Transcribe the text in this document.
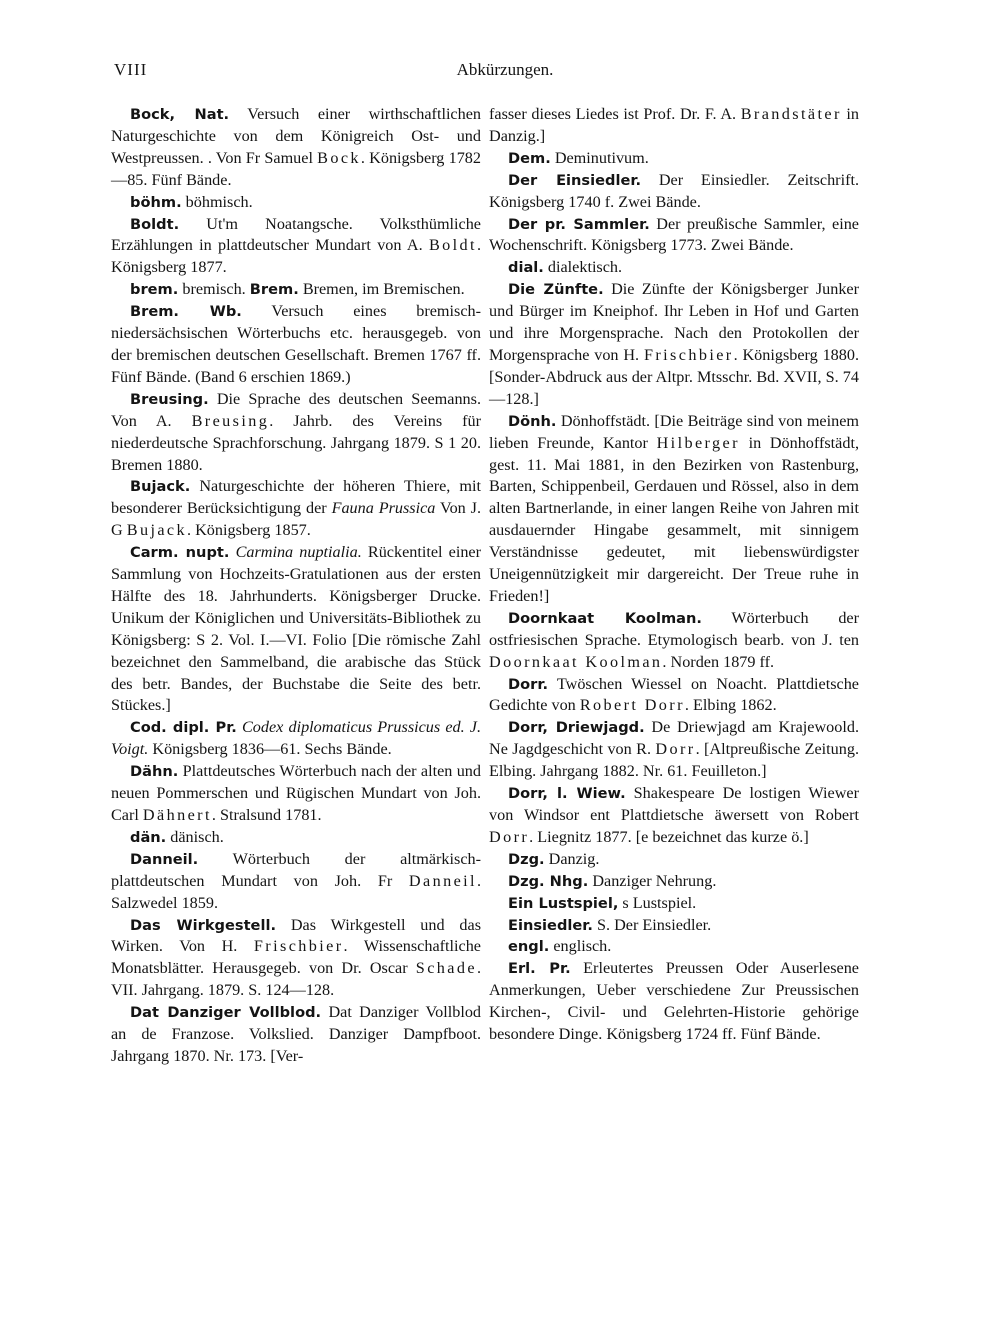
VIII	Abkürzungen.

Bock, Nat. Versuch einer wirthschaftlichen Naturgeschichte von dem Königreich Ost- und Westpreussen. . Von Fr Samuel Bock. Königsberg 1782—85. Fünf Bände.

böhm. böhmisch.

Boldt. Ut'm Noatangsche. Volksthümliche Erzählungen in plattdeutscher Mundart von A. Boldt. Königsberg 1877.

brem. bremisch. Brem. Bremen, im Bremischen.

Brem. Wb. Versuch eines bremisch-niedersächsischen Wörterbuchs etc. herausgegeb. von der bremischen deutschen Gesellschaft. Bremen 1767 ff. Fünf Bände. (Band 6 erschien 1869.)

Breusing. Die Sprache des deutschen Seemanns. Von A. Breusing. Jahrb. des Vereins für niederdeutsche Sprachforschung. Jahrgang 1879. S 1 20. Bremen 1880.

Bujack. Naturgeschichte der höheren Thiere, mit besonderer Berücksichtigung der Fauna Prussica Von J. G Bujack. Königsberg 1857.

Carm. nupt. Carmina nuptialia. Rückentitel einer Sammlung von Hochzeits-Gratulationen aus der ersten Hälfte des 18. Jahrhunderts. Königsberger Drucke. Unikum der Königlichen und Universitäts-Bibliothek zu Königsberg: S 2. Vol. I.—VI. Folio [Die römische Zahl bezeichnet den Sammelband, die arabische das Stück des betr. Bandes, der Buchstabe die Seite des betr. Stückes.]

Cod. dipl. Pr. Codex diplomaticus Prussicus ed. J. Voigt. Königsberg 1836—61. Sechs Bände.

Dähn. Plattdeutsches Wörterbuch nach der alten und neuen Pommerschen und Rügischen Mundart von Joh. Carl Dähnert. Stralsund 1781.

dän. dänisch.

Danneil. Wörterbuch der altmärkisch-plattdeutschen Mundart von Joh. Fr Danneil. Salzwedel 1859.

Das Wirkgestell. Das Wirkgestell und das Wirken. Von H. Frischbier. Wissenschaftliche Monatsblätter. Herausgegeb. von Dr. Oscar Schade. VII. Jahrgang. 1879. S. 124—128.

Dat Danziger Vollblod. Dat Danziger Vollblod an de Franzose. Volkslied. Danziger Dampfboot. Jahrgang 1870. Nr. 173. [Ver-

fasser dieses Liedes ist Prof. Dr. F. A. Brandstäter in Danzig.]

Dem. Deminutivum.

Der Einsiedler. Der Einsiedler. Zeitschrift. Königsberg 1740 f. Zwei Bände.

Der pr. Sammler. Der preußische Sammler, eine Wochenschrift. Königsberg 1773. Zwei Bände.

dial. dialektisch.

Die Zünfte. Die Zünfte der Königsberger Junker und Bürger im Kneiphof. Ihr Leben in Hof und Garten und ihre Morgensprache. Nach den Protokollen der Morgensprache von H. Frischbier. Königsberg 1880. [Sonder-Abdruck aus der Altpr. Mtsschr. Bd. XVII, S. 74—128.]

Dönh. Dönhoffstädt. [Die Beiträge sind von meinem lieben Freunde, Kantor Hilberger in Dönhoffstädt, gest. 11. Mai 1881, in den Bezirken von Rastenburg, Barten, Schippenbeil, Gerdauen und Rössel, also in dem alten Bartnerlande, in einer langen Reihe von Jahren mit ausdauernder Hingabe gesammelt, mit sinnigem Verständnisse gedeutet, mit liebenswürdigster Uneigennützigkeit mir dargereicht. Der Treue ruhe in Frieden!]

Doornkaat Koolman. Wörterbuch der ostfriesischen Sprache. Etymologisch bearb. von J. ten Doornkaat Koolman. Norden 1879 ff.

Dorr. Twöschen Wiessel on Noacht. Plattdietsche Gedichte von Robert Dorr. Elbing 1862.

Dorr, Driewjagd. De Driewjagd am Krajewoold. Ne Jagdgeschicht von R. Dorr. [Altpreußische Zeitung. Elbing. Jahrgang 1882. Nr. 61. Feuilleton.]

Dorr, l. Wiew. Shakespeare De lostigen Wiewer von Windsor ent Plattdietsche äwersett von Robert Dorr. Liegnitz 1877. [e bezeichnet das kurze ö.]

Dzg. Danzig.

Dzg. Nhg. Danziger Nehrung.

Ein Lustspiel, s Lustspiel.

Einsiedler. S. Der Einsiedler.

engl. englisch.

Erl. Pr. Erleutertes Preussen Oder Auserlesene Anmerkungen, Ueber verschiedene Zur Preussischen Kirchen-, Civil- und Gelehrten-Historie gehörige besondere Dinge. Königsberg 1724 ff. Fünf Bände.
